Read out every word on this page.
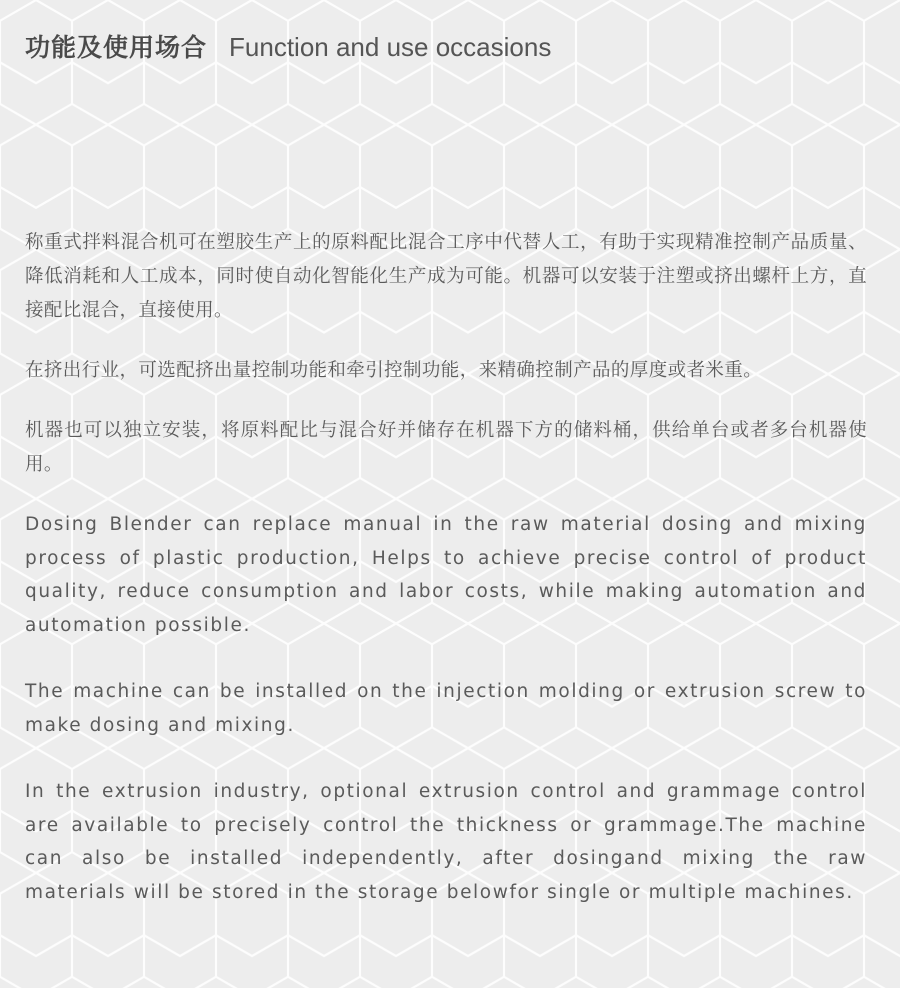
功能及使用场合 Function and use occasions

称重式拌料混合机可在塑胶生产上的原料配比混合工序中代替人工，有助于实现精准控制产品质量、降低消耗和人工成本，同时使自动化智能化生产成为可能。机器可以安装于注塑或挤出螺杆上方，直接配比混合，直接使用。

在挤出行业，可选配挤出量控制功能和牵引控制功能，来精确控制产品的厚度或者米重。

机器也可以独立安装，将原料配比与混合好并储存在机器下方的储料桶，供给单台或者多台机器使用。

Dosing Blender can replace manual in the raw material dosing and mixing process of plastic production, Helps to achieve precise control of product quality, reduce consumption and labor costs, while making automation and automation possible.

The machine can be installed on the injection molding or extrusion screw to make dosing and mixing.

In the extrusion industry, optional extrusion control and grammage control are available to precisely control the thickness or grammage.The machine can also be installed independently, after dosingand mixing the raw materials will be stored in the storage belowfor single or multiple machines.
